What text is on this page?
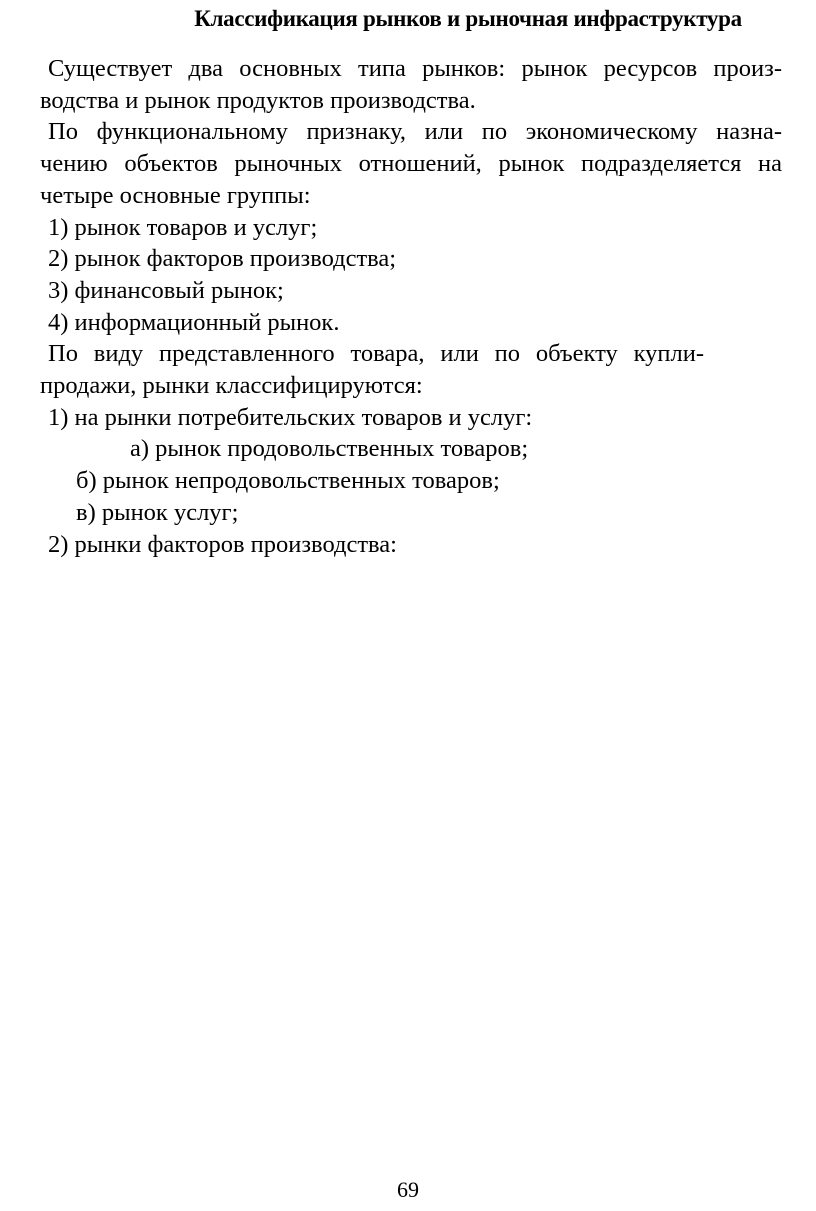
Классификация рынков и рыночная инфраструктура
Существует два основных типа рынков: рынок ресурсов произ-
водства и рынок продуктов производства.
По функциональному признаку, или по экономическому назна-
чению объектов рыночных отношений, рынок подразделяется на
четыре основные группы:
1) рынок товаров и услуг;
2) рынок факторов производства;
3) финансовый рынок;
4) информационный рынок.
По виду представленного товара, или по объекту купли-
продажи, рынки классифицируются:
1) на рынки потребительских товаров и услуг:
а) рынок продовольственных товаров;
б) рынок непродовольственных товаров;
в) рынок услуг;
2) рынки факторов производства:
69
